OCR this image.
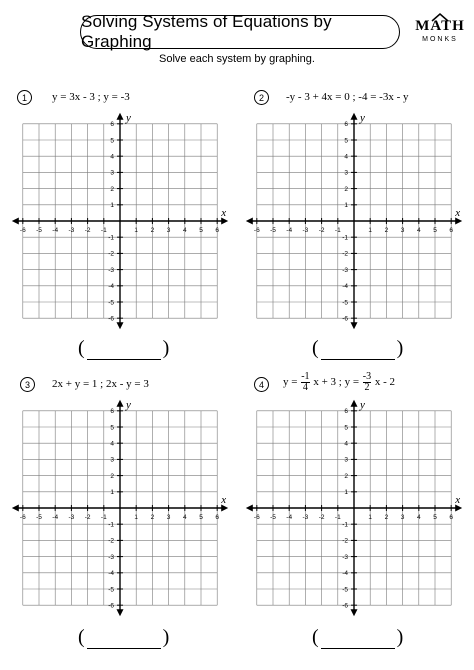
Solving Systems of Equations by Graphing
MATH
MONKS
Solve each system by graphing.
1	y = 3x - 3 ; y = -3	2	-y - 3 + 4x = 0 ; -4 = -3x - y
3	2x + y = 1 ; 2x - y = 3	4	$y = \frac{-1}{4}$ x + 3 ; $y = \frac{-3}{2}$ x - 2
-6 -5 -4 -3 -2 -1	1 2 3 4 5 6
6
5
4
3
2
1
-1
-2
-3
-4
-5
-6
x
y
-6 -5 -4 -3 -2 -1	1 2 3 4 5 6
6
5
4
3
2
1
-1
-2
-3
-4
-5
-6
x
y
-6 -5 -4 -3 -2 -1	1 2 3 4 5 6
6
5
4
3
2
1
-1
-2
-3
-4
-5
-6
x
y
-6 -5 -4 -3 -2 -1	1 2 3 4 5 6
6
5
4
3
2
1
-1
-2
-3
-4
-5
-6
x
y
(	)	(	)
(	)	(	)
